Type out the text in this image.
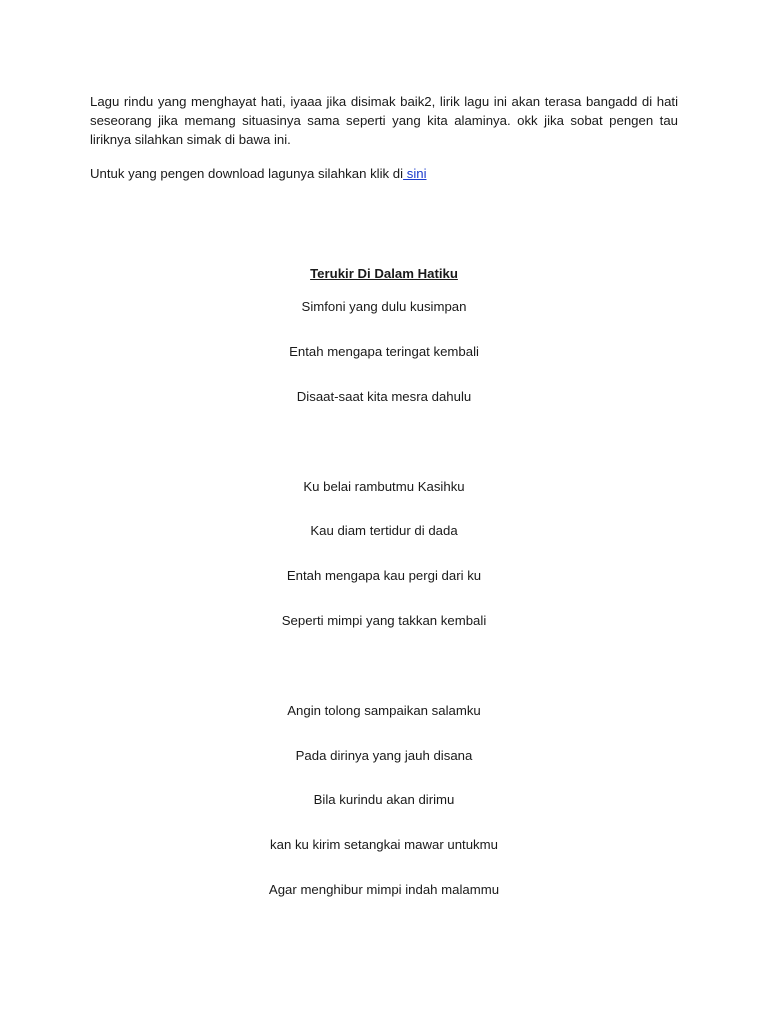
Lagu rindu yang menghayat hati, iyaaa jika disimak baik2, lirik lagu ini akan terasa bangadd di hati seseorang jika memang situasinya sama seperti yang kita alaminya. okk jika sobat pengen tau liriknya silahkan simak di bawa ini.

Untuk yang pengen download lagunya silahkan klik di sini

Terukir Di Dalam Hatiku

Simfoni yang dulu kusimpan

Entah mengapa teringat kembali

Disaat-saat kita mesra dahulu

Ku belai rambutmu Kasihku

Kau diam tertidur di dada

Entah mengapa kau pergi dari ku

Seperti mimpi yang takkan kembali

Angin tolong sampaikan salamku

Pada dirinya yang jauh disana

Bila kurindu akan dirimu

kan ku kirim setangkai mawar untukmu

Agar menghibur mimpi indah malammu
